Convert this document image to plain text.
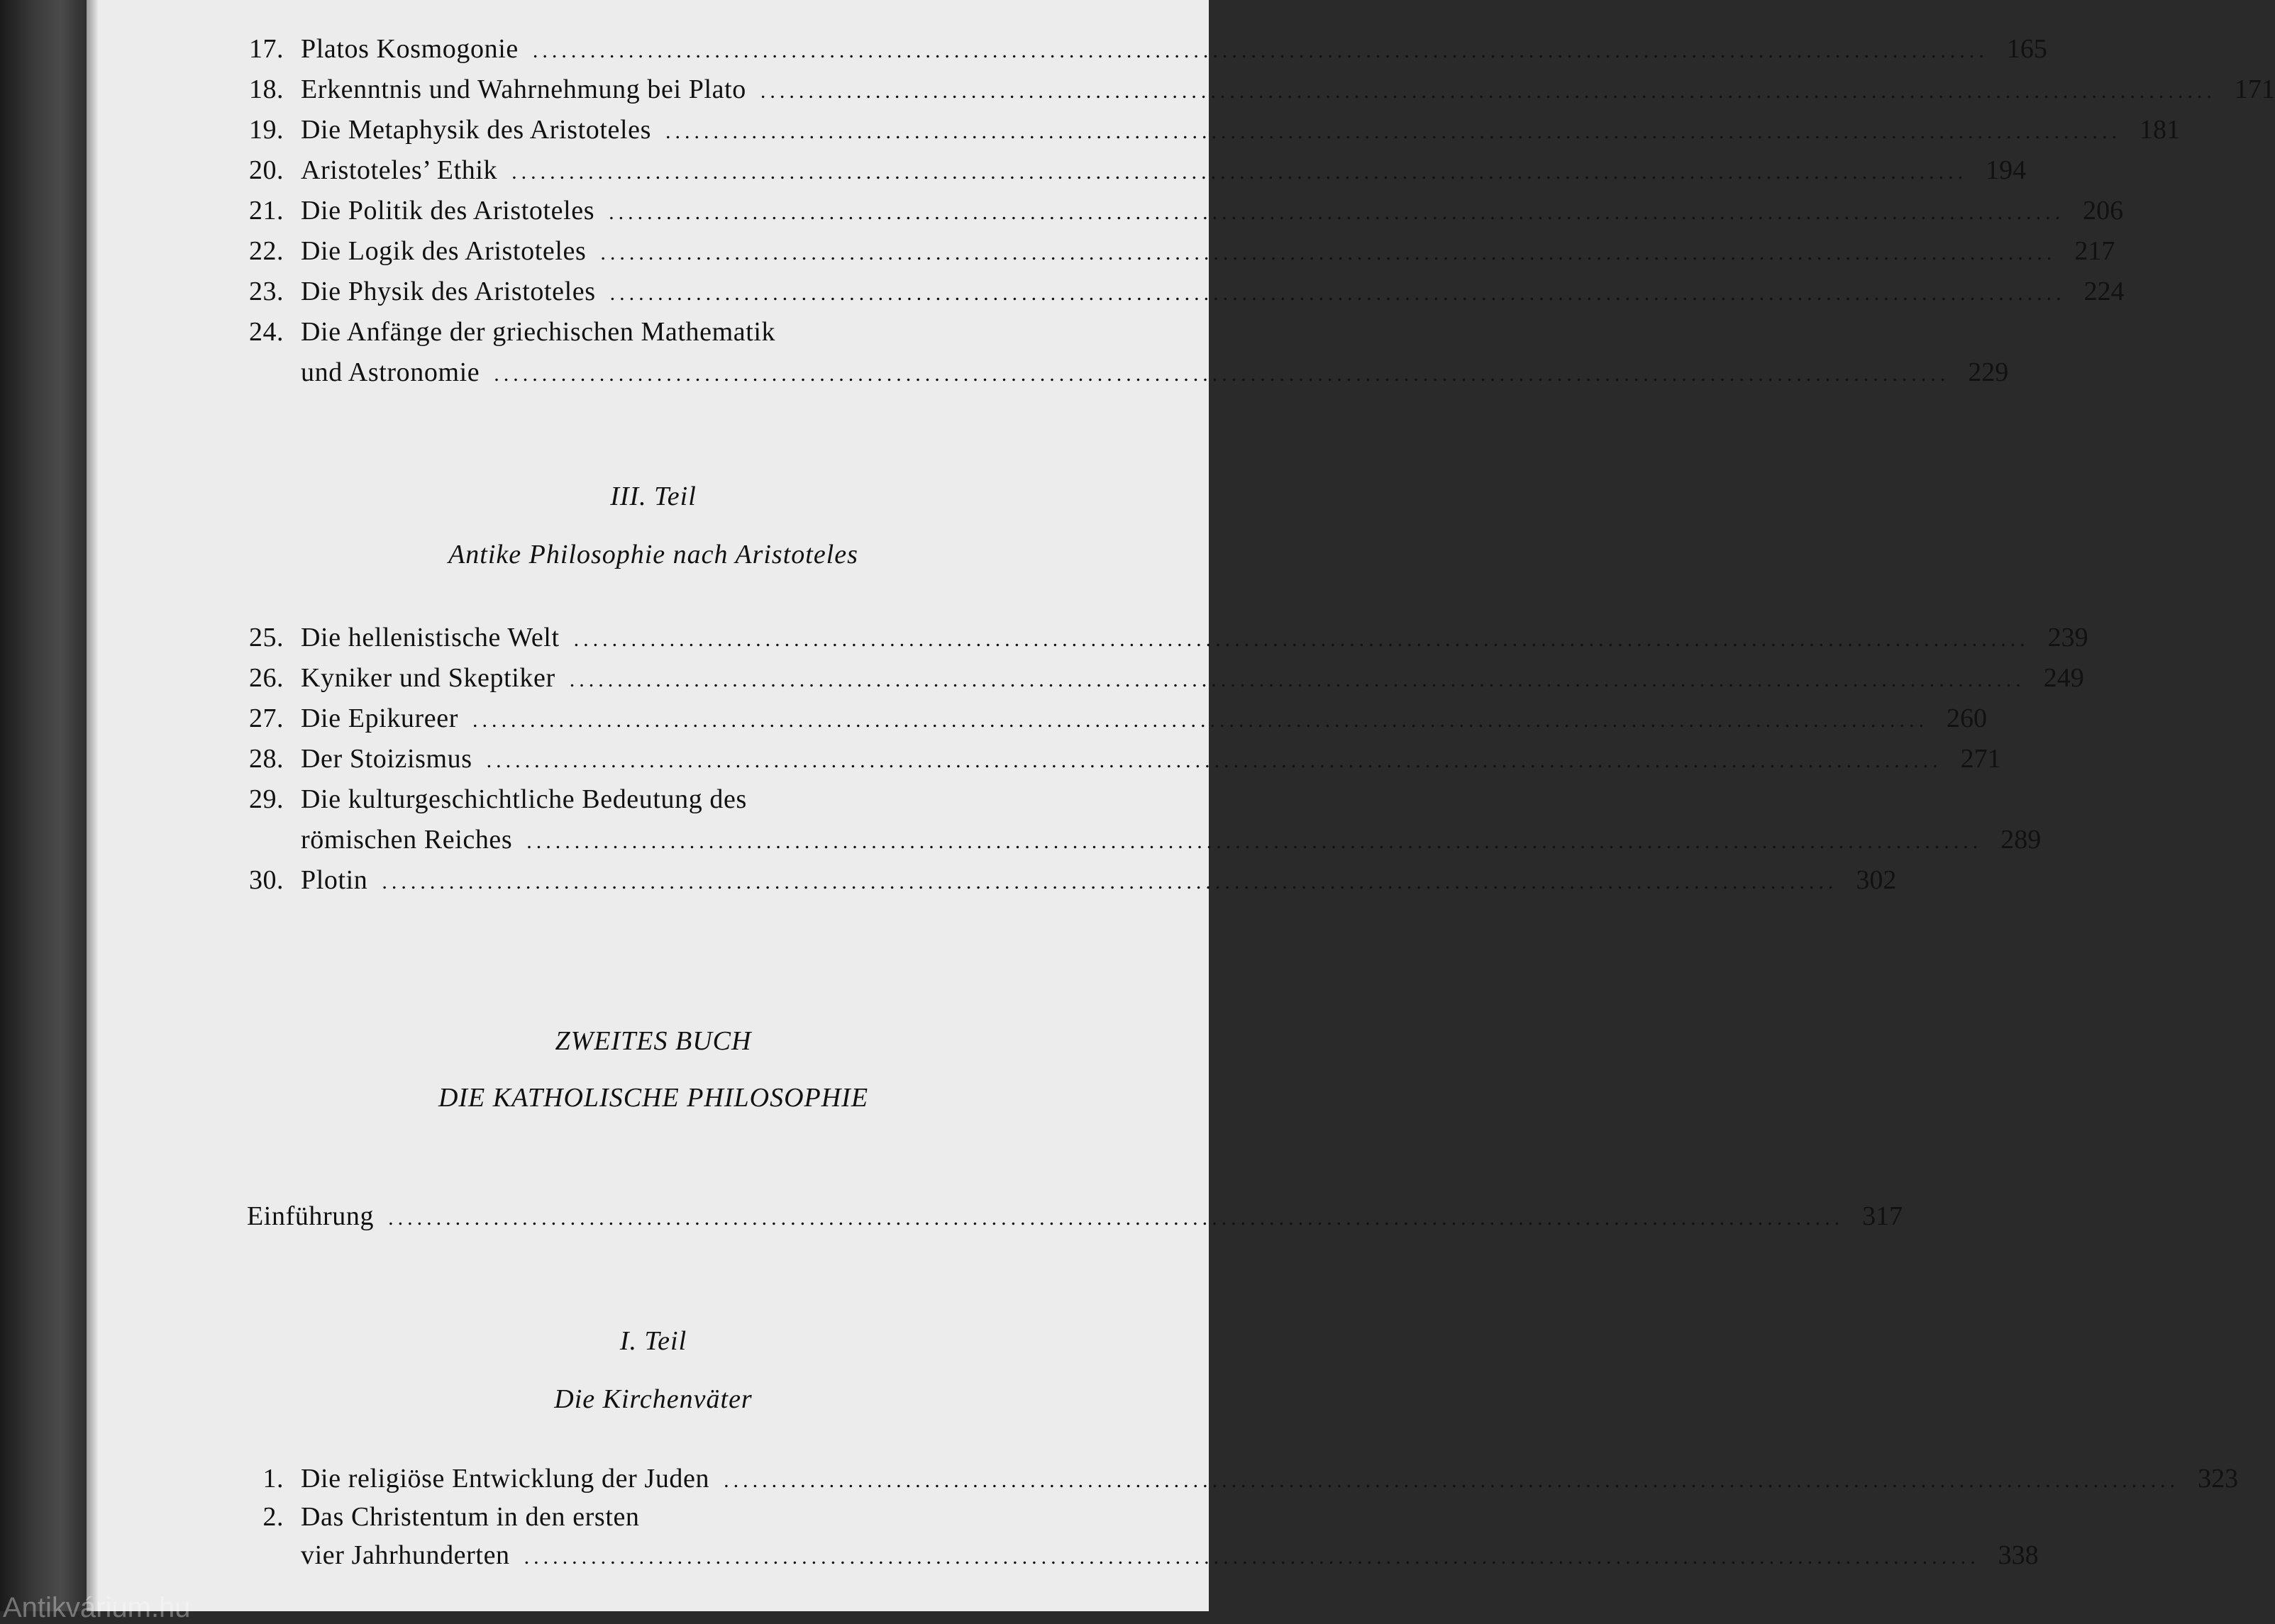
17. Platos Kosmogonie ........................................................................................................................................................ 165
18. Erkenntnis und Wahrnehmung bei Plato ........................................................................................................................................................ 171
19. Die Metaphysik des Aristoteles ........................................................................................................................................................ 181
20. Aristoteles’ Ethik ........................................................................................................................................................ 194
21. Die Politik des Aristoteles ........................................................................................................................................................ 206
22. Die Logik des Aristoteles ........................................................................................................................................................ 217
23. Die Physik des Aristoteles ........................................................................................................................................................ 224
24. Die Anfänge der griechischen Mathematik
und Astronomie ........................................................................................................................................................ 229
III. Teil
Antike Philosophie nach Aristoteles
25. Die hellenistische Welt ........................................................................................................................................................ 239
26. Kyniker und Skeptiker ........................................................................................................................................................ 249
27. Die Epikureer ........................................................................................................................................................ 260
28. Der Stoizismus ........................................................................................................................................................ 271
29. Die kulturgeschichtliche Bedeutung des
römischen Reiches ........................................................................................................................................................ 289
30. Plotin ........................................................................................................................................................ 302
ZWEITES BUCH
DIE KATHOLISCHE PHILOSOPHIE
Einführung ........................................................................................................................................................ 317
I. Teil
Die Kirchenväter
1. Die religiöse Entwicklung der Juden ........................................................................................................................................................ 323
2. Das Christentum in den ersten
vier Jahrhunderten ........................................................................................................................................................ 338
Antikvárium.hu
